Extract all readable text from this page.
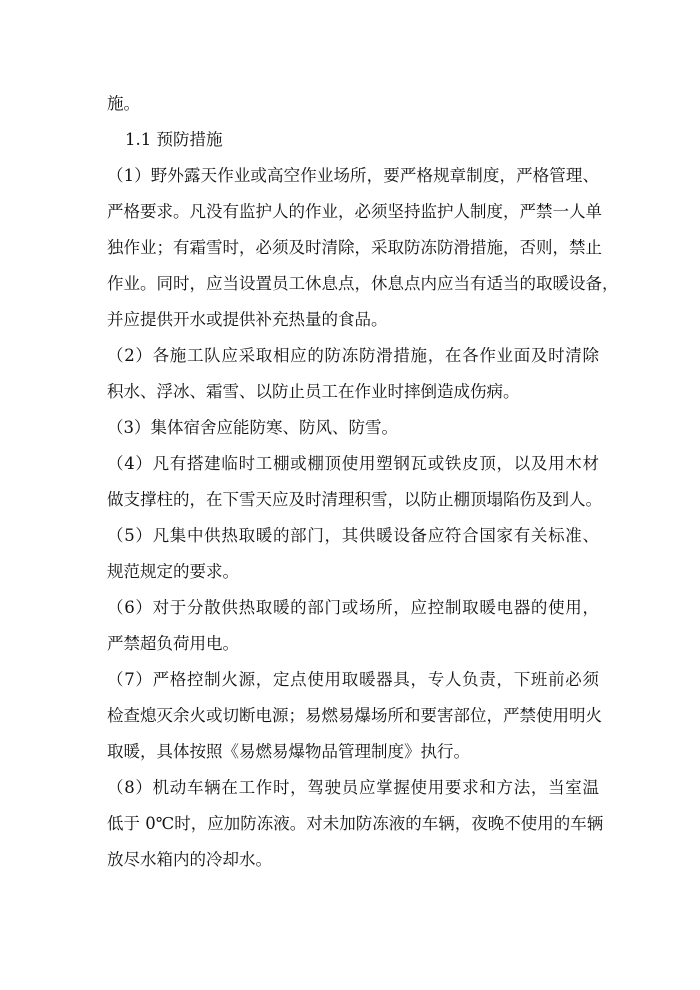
施。
1.1 预防措施
（1）野外露天作业或高空作业场所，要严格规章制度，严格管理、
严格要求。凡没有监护人的作业，必须坚持监护人制度，严禁一人单
独作业；有霜雪时，必须及时清除，采取防冻防滑措施，否则，禁止
作业。同时，应当设置员工休息点，休息点内应当有适当的取暖设备，
并应提供开水或提供补充热量的食品。
（2）各施工队应采取相应的防冻防滑措施，在各作业面及时清除
积水、浮冰、霜雪、以防止员工在作业时摔倒造成伤病。
（3）集体宿舍应能防寒、防风、防雪。
（4）凡有搭建临时工棚或棚顶使用塑钢瓦或铁皮顶，以及用木材
做支撑柱的，在下雪天应及时清理积雪，以防止棚顶塌陷伤及到人。
（5）凡集中供热取暖的部门，其供暖设备应符合国家有关标准、
规范规定的要求。
（6）对于分散供热取暖的部门或场所，应控制取暖电器的使用，
严禁超负荷用电。
（7）严格控制火源，定点使用取暖器具，专人负责，下班前必须
检查熄灭余火或切断电源；易燃易爆场所和要害部位，严禁使用明火
取暖，具体按照《易燃易爆物品管理制度》执行。
（8）机动车辆在工作时，驾驶员应掌握使用要求和方法，当室温
低于 0℃时，应加防冻液。对未加防冻液的车辆，夜晚不使用的车辆
放尽水箱内的冷却水。
